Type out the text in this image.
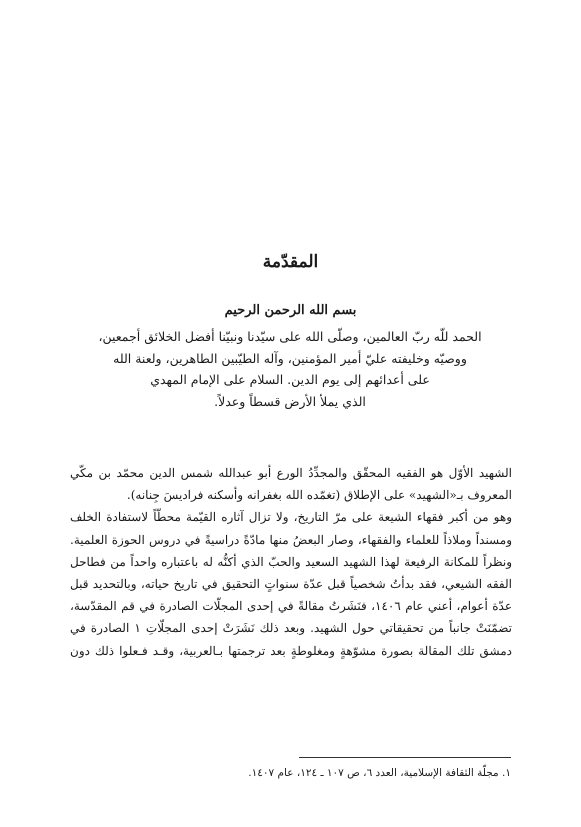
المقدّمة

بسم الله الرحمن الرحيم

الحمد للّه ربّ العالمين، وصلّى الله على سيّدنا ونبيّنا أفضل الخلائق أجمعين،
ووصيّه وخليفته عليّ أمير المؤمنين، وآله الطيّبين الطاهرين، ولعنة الله
على أعدائهم إلى يوم الدين. السلام على الإمام المهدي
الذي يملأ الأرض قسطاً وعدلاً.

الشهيد الأوّل هو الفقيه المحقّق والمجدِّدُ الورع أبو عبدالله شمس الدين محمّد بن مكّي
المعروف بـ«الشهيد» على الإطلاق (تغمّده الله بغفرانه وأسكنه فراديسَ جِنانه).
وهو من أكبر فقهاء الشيعة على مرّ التاريخ، ولا تزال آثاره القيّمة محطّاً لاستفادة الخلف
ومسنداً وملاذاً للعلماء والفقهاء، وصار البعضُ منها مادّةً دراسيةً في دروس الحوزة العلمية.
ونظراً للمكانة الرفيعة لهذا الشهيد السعيد والحبّ الذي أكنُّه له باعتباره واحداً من فطاحل
الفقه الشيعي، فقد بدأتُ شخصياً قبل عدّة سنواتٍ التحقيق في تاريخ حياته، وبالتحديد قبل
عدّة أعوام، أعني عام ١٤٠٦، فنَشَرتُ مقالةً في إحدى المجلّات الصادرة في قم المقدّسة،
تضمّنَتْ جانباً من تحقيقاتي حول الشهيد. وبعد ذلك نَشَرَتْ إحدى المجلّاتِ ١ الصادرة في
دمشق تلك المقالة بصورة مشوّهةٍ ومغلوطةٍ بعد ترجمتها بـالعربية، وقـد فـعلوا ذلك دون

١. مجلّة الثقافة الإسلامية، العدد ٦، ص ١٠٧ ـ ١٢٤، عام ١٤٠٧.
